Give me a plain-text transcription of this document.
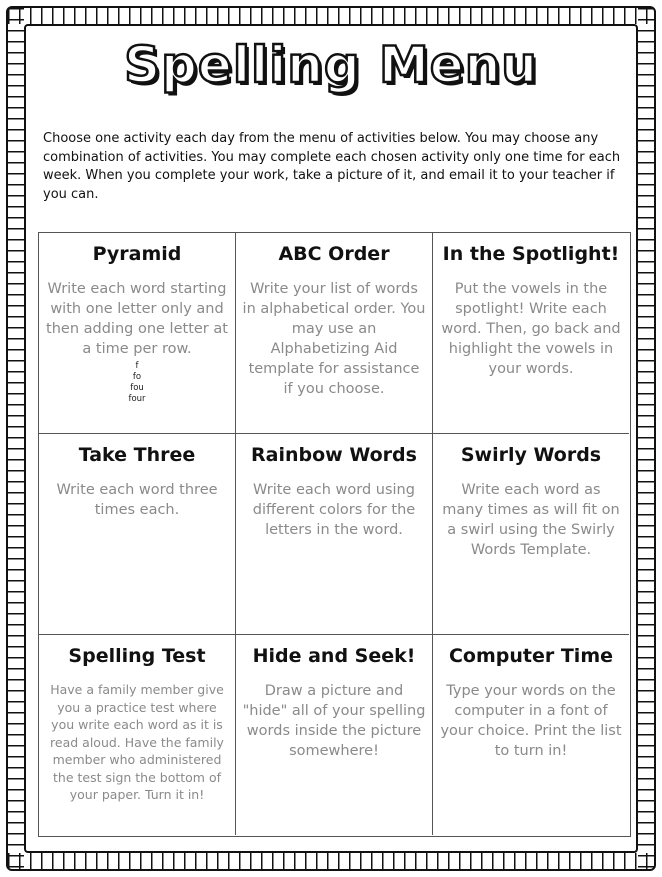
Spelling Menu

Choose one activity each day from the menu of activities below. You may choose any combination of activities. You may complete each chosen activity only one time for each week. When you complete your work, take a picture of it, and email it to your teacher if you can.

Pyramid
Write each word starting with one letter only and then adding one letter at a time per row.
f
fo
fou
four
ABC Order
Write your list of words in alphabetical order. You may use an Alphabetizing Aid template for assistance if you choose.
In the Spotlight!
Put the vowels in the spotlight! Write each word. Then, go back and highlight the vowels in your words.
Take Three
Write each word three times each.
Rainbow Words
Write each word using different colors for the letters in the word.
Swirly Words
Write each word as many times as will fit on a swirl using the Swirly Words Template.
Spelling Test
Have a family member give you a practice test where you write each word as it is read aloud. Have the family member who administered the test sign the bottom of your paper. Turn it in!
Hide and Seek!
Draw a picture and "hide" all of your spelling words inside the picture somewhere!
Computer Time
Type your words on the computer in a font of your choice. Print the list to turn in!
